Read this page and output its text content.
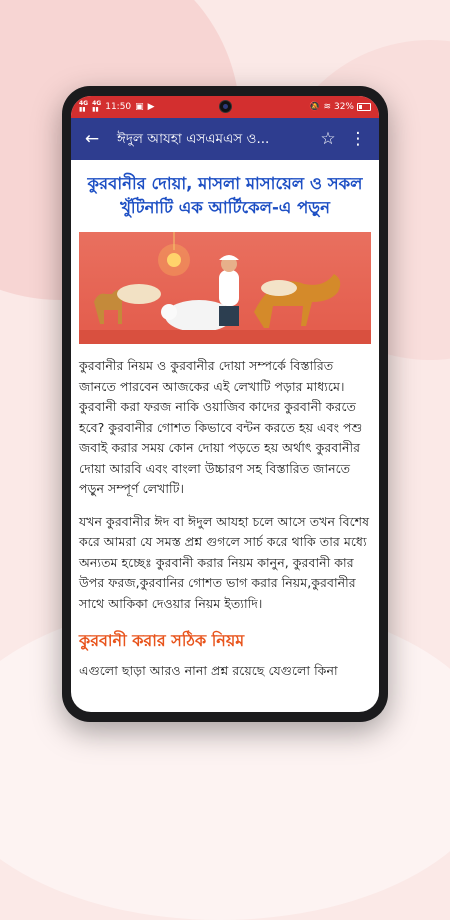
4G
▮▮
4G
▮▮ 11:50 ▣ ▶	🔕 ≋ 32%
←	ঈদুল আযহা এসএমএস ও...	☆ ⋮
কুরবানীর দোয়া, মাসলা মাসায়েল ও সকল খুঁটিনাটি এক আর্টিকেল-এ পড়ুন

কুরবানীর নিয়ম ও কুরবানীর দোয়া সম্পর্কে বিস্তারিত জানতে পারবেন আজকের এই লেখাটি পড়ার মাধ্যমে। কুরবানী করা ফরজ নাকি ওয়াজিব কাদের কুরবানী করতে হবে? কুরবানীর গোশত কিভাবে বন্টন করতে হয় এবং পশু জবাই করার সময় কোন দোয়া পড়তে হয় অর্থাৎ কুরবানীর দোয়া আরবি এবং বাংলা উচ্চারণ সহ বিস্তারিত জানতে পড়ুন সম্পূর্ণ লেখাটি।

যখন কুরবানীর ঈদ বা ঈদুল আযহা চলে আসে তখন বিশেষ করে আমরা যে সমস্ত প্রশ্ন গুগলে সার্চ করে থাকি তার মধ্যে অন্যতম হচ্ছেঃ কুরবানী করার নিয়ম কানুন, কুরবানী কার উপর ফরজ,কুরবানির গোশত ভাগ করার নিয়ম,কুরবানীর সাথে আকিকা দেওয়ার নিয়ম ইত্যাদি।

কুরবানী করার সঠিক নিয়ম

এগুলো ছাড়া আরও নানা প্রশ্ন রয়েছে যেগুলো কিনা
